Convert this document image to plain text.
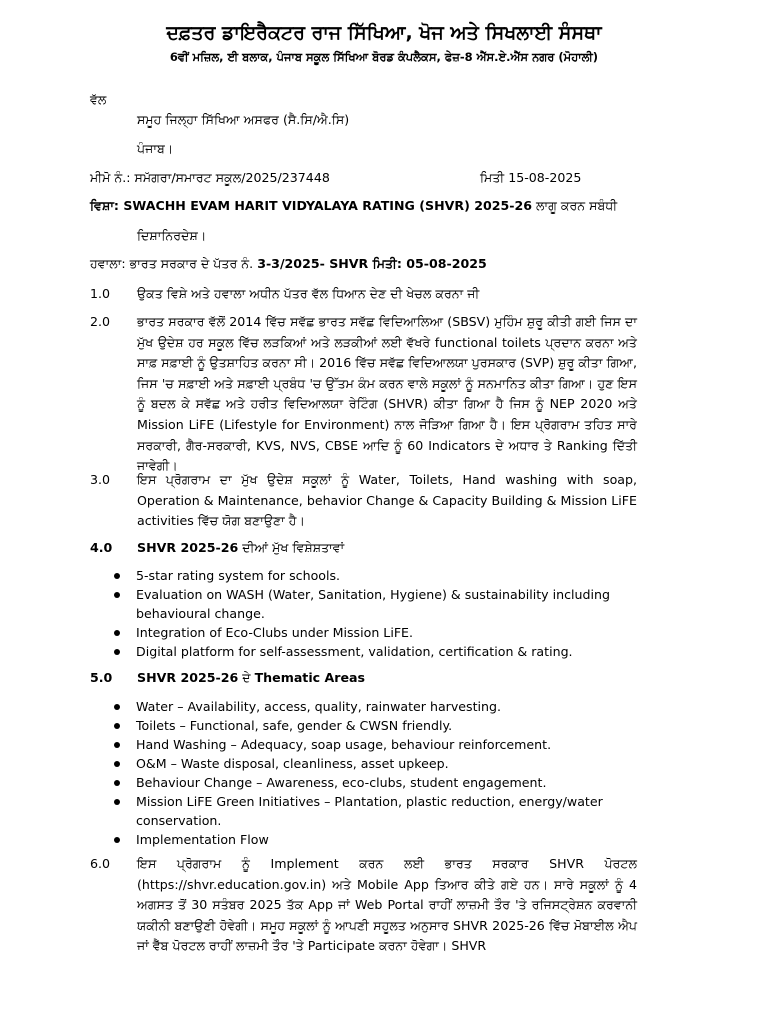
ਦਫ਼ਤਰ ਡਾਇਰੈਕਟਰ ਰਾਜ ਸਿੱਖਿਆ, ਖੋਜ ਅਤੇ ਸਿਖਲਾਈ ਸੰਸਥਾ
6ਵੀਂ ਮਜ਼ਿਲ, ਈ ਬਲਾਕ, ਪੰਜਾਬ ਸਕੂਲ ਸਿੱਖਿਆ ਬੋਰਡ ਕੰਪਲੈਕਸ, ਫੇਜ਼-8 ਐੱਸ.ਏ.ਐੱਸ ਨਗਰ (ਮੋਹਾਲੀ)
ਵੱਲ
ਸਮੂਹ ਜਿਲ੍ਹਾ ਸਿੱਖਿਆ ਅਸਫਰ (ਸੈ.ਸਿ/ਐ.ਸਿ)
ਪੰਜਾਬ।
ਮੀਮੋ ਨੰ.: ਸਮੱਗਰਾ/ਸਮਾਰਟ ਸਕੂਲ/2025/237448	ਮਿਤੀ 15-08-2025
ਵਿਸ਼ਾ: SWACHH EVAM HARIT VIDYALAYA RATING (SHVR) 2025-26 ਲਾਗੂ ਕਰਨ ਸਬੰਧੀ
ਦਿਸ਼ਾਨਿਰਦੇਸ਼।
ਹਵਾਲਾ: ਭਾਰਤ ਸਰਕਾਰ ਦੇ ਪੱਤਰ ਨੰ. 3-3/2025- SHVR ਮਿਤੀ: 05-08-2025
1.0 ਉਕਤ ਵਿਸ਼ੇ ਅਤੇ ਹਵਾਲਾ ਅਧੀਨ ਪੱਤਰ ਵੱਲ ਧਿਆਨ ਦੇਣ ਦੀ ਖੇਚਲ ਕਰਨਾ ਜੀ
2.0 ਭਾਰਤ ਸਰਕਾਰ ਵੱਲੋਂ 2014 ਵਿੱਚ ਸਵੱਛ ਭਾਰਤ ਸਵੱਛ ਵਿਦਿਆਲਿਆ (SBSV) ਮੁਹਿੰਮ ਸ਼ੁਰੂ ਕੀਤੀ ਗਈ ਜਿਸ ਦਾ ਮੁੱਖ ਉਦੇਸ਼ ਹਰ ਸਕੂਲ ਵਿੱਚ ਲੜਕਿਆਂ ਅਤੇ ਲੜਕੀਆਂ ਲਈ ਵੱਖਰੇ functional toilets ਪ੍ਰਦਾਨ ਕਰਨਾ ਅਤੇ ਸਾਫ਼ ਸਫ਼ਾਈ ਨੂੰ ਉਤਸ਼ਾਹਿਤ ਕਰਨਾ ਸੀ। 2016 ਵਿੱਚ ਸਵੱਛ ਵਿਦਿਆਲਯਾ ਪੁਰਸਕਾਰ (SVP) ਸ਼ੁਰੂ ਕੀਤਾ ਗਿਆ, ਜਿਸ 'ਚ ਸਫ਼ਾਈ ਅਤੇ ਸਫ਼ਾਈ ਪ੍ਰਬੰਧ 'ਚ ਉੱਤਮ ਕੰਮ ਕਰਨ ਵਾਲੇ ਸਕੂਲਾਂ ਨੂੰ ਸਨਮਾਨਿਤ ਕੀਤਾ ਗਿਆ। ਹੁਣ ਇਸ ਨੂੰ ਬਦਲ ਕੇ ਸਵੱਛ ਅਤੇ ਹਰੀਤ ਵਿਦਿਆਲਯਾ ਰੇਟਿੰਗ (SHVR) ਕੀਤਾ ਗਿਆ ਹੈ ਜਿਸ ਨੂੰ NEP 2020 ਅਤੇ Mission LiFE (Lifestyle for Environment) ਨਾਲ ਜੋੜਿਆ ਗਿਆ ਹੈ। ਇਸ ਪ੍ਰੋਗਰਾਮ ਤਹਿਤ ਸਾਰੇ ਸਰਕਾਰੀ, ਗੈਰ-ਸਰਕਾਰੀ, KVS, NVS, CBSE ਆਦਿ ਨੂੰ 60 Indicators ਦੇ ਅਧਾਰ ਤੇ Ranking ਦਿੱਤੀ ਜਾਵੇਗੀ।
3.0 ਇਸ ਪ੍ਰੋਗਰਾਮ ਦਾ ਮੁੱਖ ਉਦੇਸ਼ ਸਕੂਲਾਂ ਨੂੰ Water, Toilets, Hand washing with soap, Operation & Maintenance, behavior Change & Capacity Building & Mission LiFE activities ਵਿੱਚ ਯੋਗ ਬਣਾਉਣਾ ਹੈ।
4.0 SHVR 2025-26 ਦੀਆਂ ਮੁੱਖ ਵਿਸ਼ੇਸ਼ਤਾਵਾਂ
5-star rating system for schools.
Evaluation on WASH (Water, Sanitation, Hygiene) & sustainability including behavioural change.
Integration of Eco-Clubs under Mission LiFE.
Digital platform for self-assessment, validation, certification & rating.
5.0 SHVR 2025-26 ਦੇ Thematic Areas
Water – Availability, access, quality, rainwater harvesting.
Toilets – Functional, safe, gender & CWSN friendly.
Hand Washing – Adequacy, soap usage, behaviour reinforcement.
O&M – Waste disposal, cleanliness, asset upkeep.
Behaviour Change – Awareness, eco-clubs, student engagement.
Mission LiFE Green Initiatives – Plantation, plastic reduction, energy/water conservation.
Implementation Flow
6.0 ਇਸ ਪ੍ਰੋਗਰਾਮ ਨੂੰ Implement ਕਰਨ ਲਈ ਭਾਰਤ ਸਰਕਾਰ SHVR ਪੋਰਟਲ (https://shvr.education.gov.in) ਅਤੇ Mobile App ਤਿਆਰ ਕੀਤੇ ਗਏ ਹਨ। ਸਾਰੇ ਸਕੂਲਾਂ ਨੂੰ 4 ਅਗਸਤ ਤੋਂ 30 ਸਤੰਬਰ 2025 ਤੱਕ App ਜਾਂ Web Portal ਰਾਹੀਂ ਲਾਜ਼ਮੀ ਤੌਰ 'ਤੇ ਰਜਿਸਟ੍ਰੇਸ਼ਨ ਕਰਵਾਨੀ ਯਕੀਨੀ ਬਣਾਉਣੀ ਹੋਵੇਗੀ। ਸਮੂਹ ਸਕੂਲਾਂ ਨੂੰ ਆਪਣੀ ਸਹੂਲਤ ਅਨੁਸਾਰ SHVR 2025-26 ਵਿੱਚ ਮੋਬਾਈਲ ਐਪ ਜਾਂ ਵੈੱਬ ਪੋਰਟਲ ਰਾਹੀਂ ਲਾਜ਼ਮੀ ਤੌਰ 'ਤੇ Participate ਕਰਨਾ ਹੋਵੇਗਾ। SHVR
